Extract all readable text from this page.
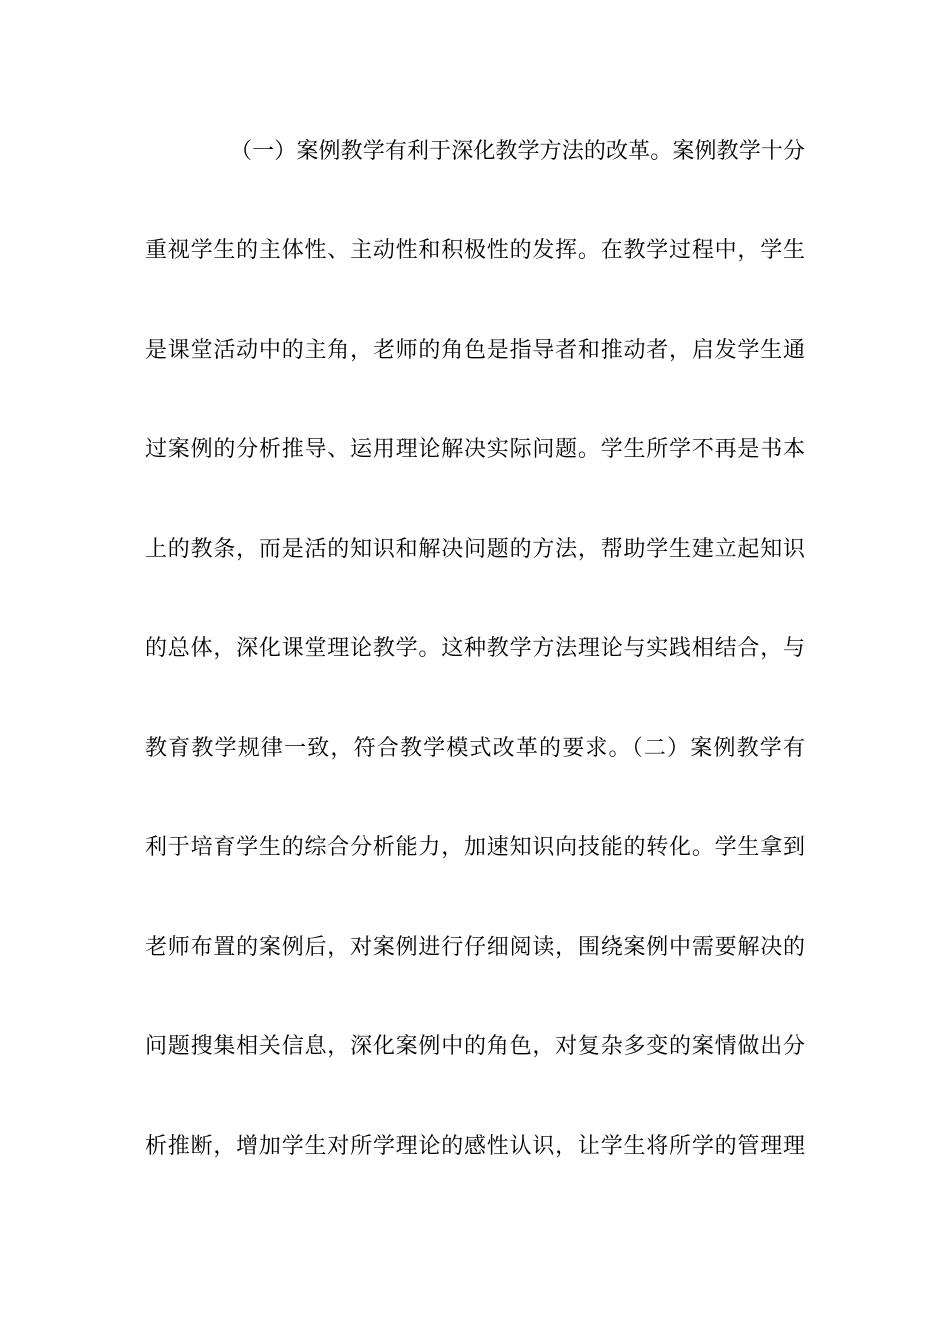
（一）案例教学有利于深化教学方法的改革。案例教学十分
重视学生的主体性、主动性和积极性的发挥。在教学过程中，学生
是课堂活动中的主角，老师的角色是指导者和推动者，启发学生通
过案例的分析推导、运用理论解决实际问题。学生所学不再是书本
上的教条，而是活的知识和解决问题的方法，帮助学生建立起知识
的总体，深化课堂理论教学。这种教学方法理论与实践相结合，与
教育教学规律一致，符合教学模式改革的要求。（二）案例教学有
利于培育学生的综合分析能力，加速知识向技能的转化。学生拿到
老师布置的案例后，对案例进行仔细阅读，围绕案例中需要解决的
问题搜集相关信息，深化案例中的角色，对复杂多变的案情做出分
析推断，增加学生对所学理论的感性认识，让学生将所学的管理理
